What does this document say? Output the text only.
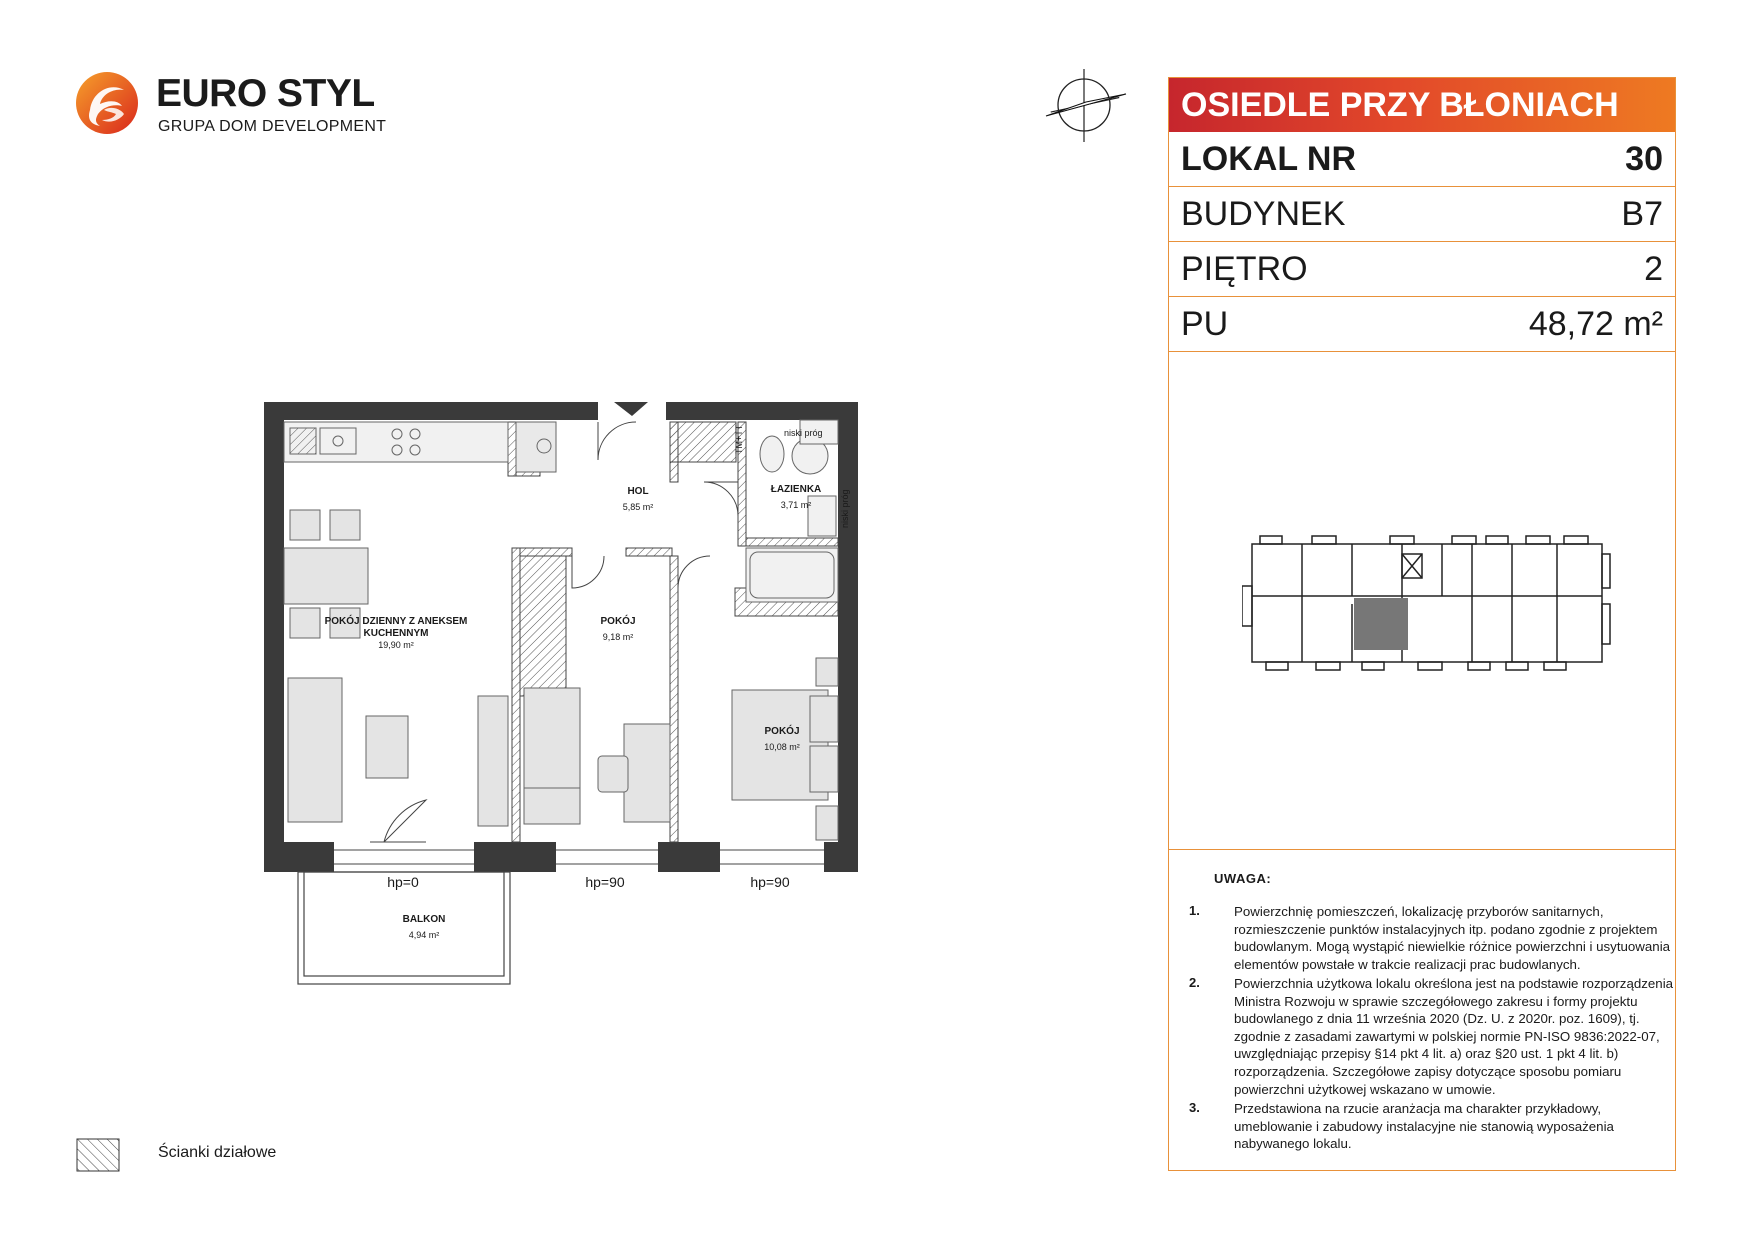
EURO STYL
GRUPA DOM DEVELOPMENT
OSIEDLE PRZY BŁONIACH
LOKAL NR	30
BUDYNEK	B7
PIĘTRO	2
PU	48,72 m²
UWAGA:
1.	Powierzchnię pomieszczeń, lokalizację przyborów sanitarnych, rozmieszczenie punktów instalacyjnych itp. podano zgodnie z projektem budowlanym. Mogą wystąpić niewielkie różnice powierzchni i usytuowania elementów powstałe w trakcie realizacji prac budowlanych.
2.	Powierzchnia użytkowa lokalu określona jest na podstawie rozporządzenia Ministra Rozwoju w sprawie szczegółowego zakresu i formy projektu budowlanego z dnia 11 września 2020 (Dz. U. z 2020r. poz. 1609), tj. zgodnie z zasadami zawartymi w polskiej normie PN-ISO 9836:2022-07, uwzględniając przepisy §14 pkt 4 lit. a) oraz §20 ust. 1 pkt 4 lit. b) rozporządzenia. Szczegółowe zapisy dotyczące sposobu pomiaru powierzchni użytkowej wskazano w umowie.
3.	Przedstawiona na rzucie aranżacja ma charakter przykładowy, umeblowanie i zabudowy instalacyjne nie stanowią wyposażenia nabywanego lokalu.
POKÓJ DZIENNY Z ANEKSEM
KUCHENNYM
19,90 m²
HOL
5,85 m²
ŁAZIENKA
3,71 m²
POKÓJ
9,18 m²
POKÓJ
10,08 m²
BALKON
4,94 m²
hp=0	hp=90	hp=90
niski próg
niski próg
TM+TT
Ścianki działowe
